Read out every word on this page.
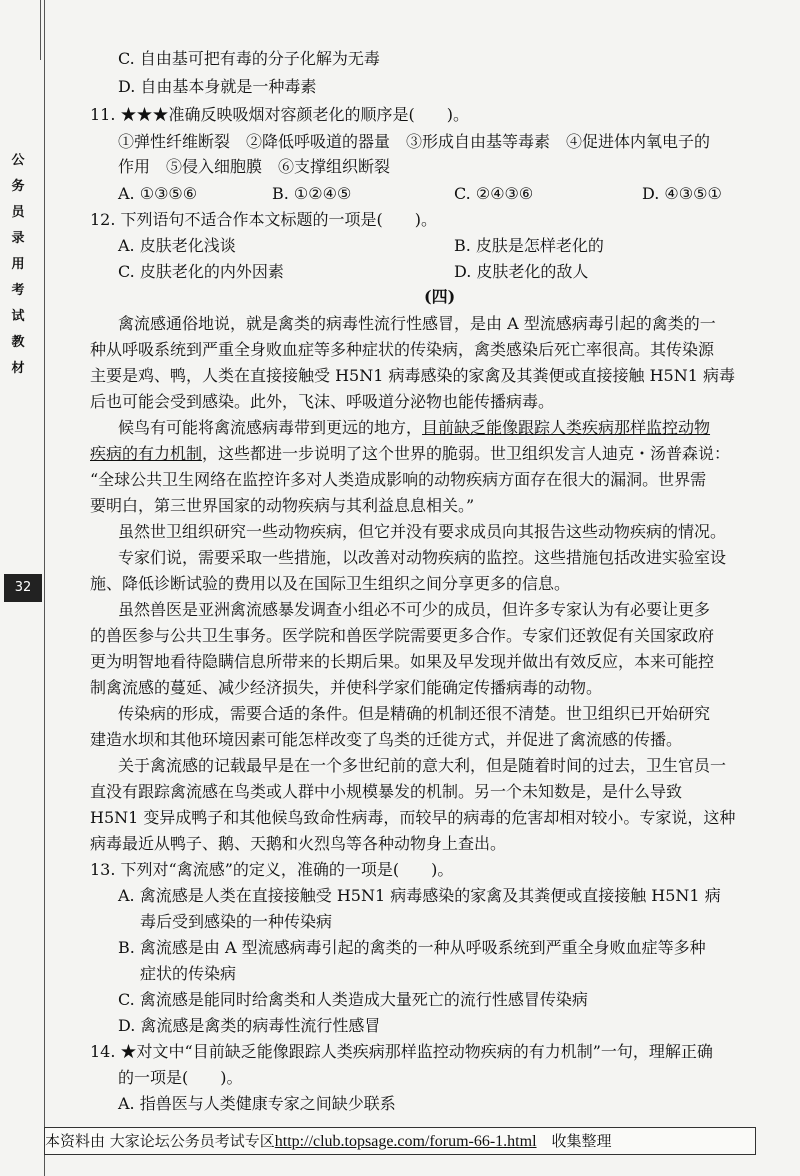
公
务
员
录
用
考
试
教
材
32
C. 自由基可把有毒的分子化解为无毒
D. 自由基本身就是一种毒素
11. ★★★准确反映吸烟对容颜老化的顺序是(　　)。
①弹性纤维断裂　②降低呼吸道的器量　③形成自由基等毒素　④促进体内氧电子的
作用　⑤侵入细胞膜　⑥支撑组织断裂
A. ①③⑤⑥	B. ①②④⑤	C. ②④③⑥	D. ④③⑤①
12. 下列语句不适合作本文标题的一项是(　　)。
A. 皮肤老化浅谈	B. 皮肤是怎样老化的
C. 皮肤老化的内外因素	D. 皮肤老化的敌人
(四)
禽流感通俗地说，就是禽类的病毒性流行性感冒，是由 A 型流感病毒引起的禽类的一
种从呼吸系统到严重全身败血症等多种症状的传染病，禽类感染后死亡率很高。其传染源
主要是鸡、鸭，人类在直接接触受 H5N1 病毒感染的家禽及其粪便或直接接触 H5N1 病毒
后也可能会受到感染。此外，飞沫、呼吸道分泌物也能传播病毒。
候鸟有可能将禽流感病毒带到更远的地方，目前缺乏能像跟踪人类疾病那样监控动物
疾病的有力机制，这些都进一步说明了这个世界的脆弱。世卫组织发言人迪克・汤普森说：
“全球公共卫生网络在监控许多对人类造成影响的动物疾病方面存在很大的漏洞。世界需
要明白，第三世界国家的动物疾病与其利益息息相关。”
虽然世卫组织研究一些动物疾病，但它并没有要求成员向其报告这些动物疾病的情况。
专家们说，需要采取一些措施，以改善对动物疾病的监控。这些措施包括改进实验室设
施、降低诊断试验的费用以及在国际卫生组织之间分享更多的信息。
虽然兽医是亚洲禽流感暴发调查小组必不可少的成员，但许多专家认为有必要让更多
的兽医参与公共卫生事务。医学院和兽医学院需要更多合作。专家们还敦促有关国家政府
更为明智地看待隐瞒信息所带来的长期后果。如果及早发现并做出有效反应，本来可能控
制禽流感的蔓延、减少经济损失，并使科学家们能确定传播病毒的动物。
传染病的形成，需要合适的条件。但是精确的机制还很不清楚。世卫组织已开始研究
建造水坝和其他环境因素可能怎样改变了鸟类的迁徙方式，并促进了禽流感的传播。
关于禽流感的记载最早是在一个多世纪前的意大利，但是随着时间的过去，卫生官员一
直没有跟踪禽流感在鸟类或人群中小规模暴发的机制。另一个未知数是，是什么导致
H5N1 变异成鸭子和其他候鸟致命性病毒，而较早的病毒的危害却相对较小。专家说，这种
病毒最近从鸭子、鹅、天鹅和火烈鸟等各种动物身上查出。
13. 下列对“禽流感”的定义，准确的一项是(　　)。
A. 禽流感是人类在直接接触受 H5N1 病毒感染的家禽及其粪便或直接接触 H5N1 病
毒后受到感染的一种传染病
B. 禽流感是由 A 型流感病毒引起的禽类的一种从呼吸系统到严重全身败血症等多种
症状的传染病
C. 禽流感是能同时给禽类和人类造成大量死亡的流行性感冒传染病
D. 禽流感是禽类的病毒性流行性感冒
14. ★对文中“目前缺乏能像跟踪人类疾病那样监控动物疾病的有力机制”一句，理解正确
的一项是(　　)。
A. 指兽医与人类健康专家之间缺少联系
本资料由 大家论坛公务员考试专区http://club.topsage.com/forum-66-1.html　收集整理
